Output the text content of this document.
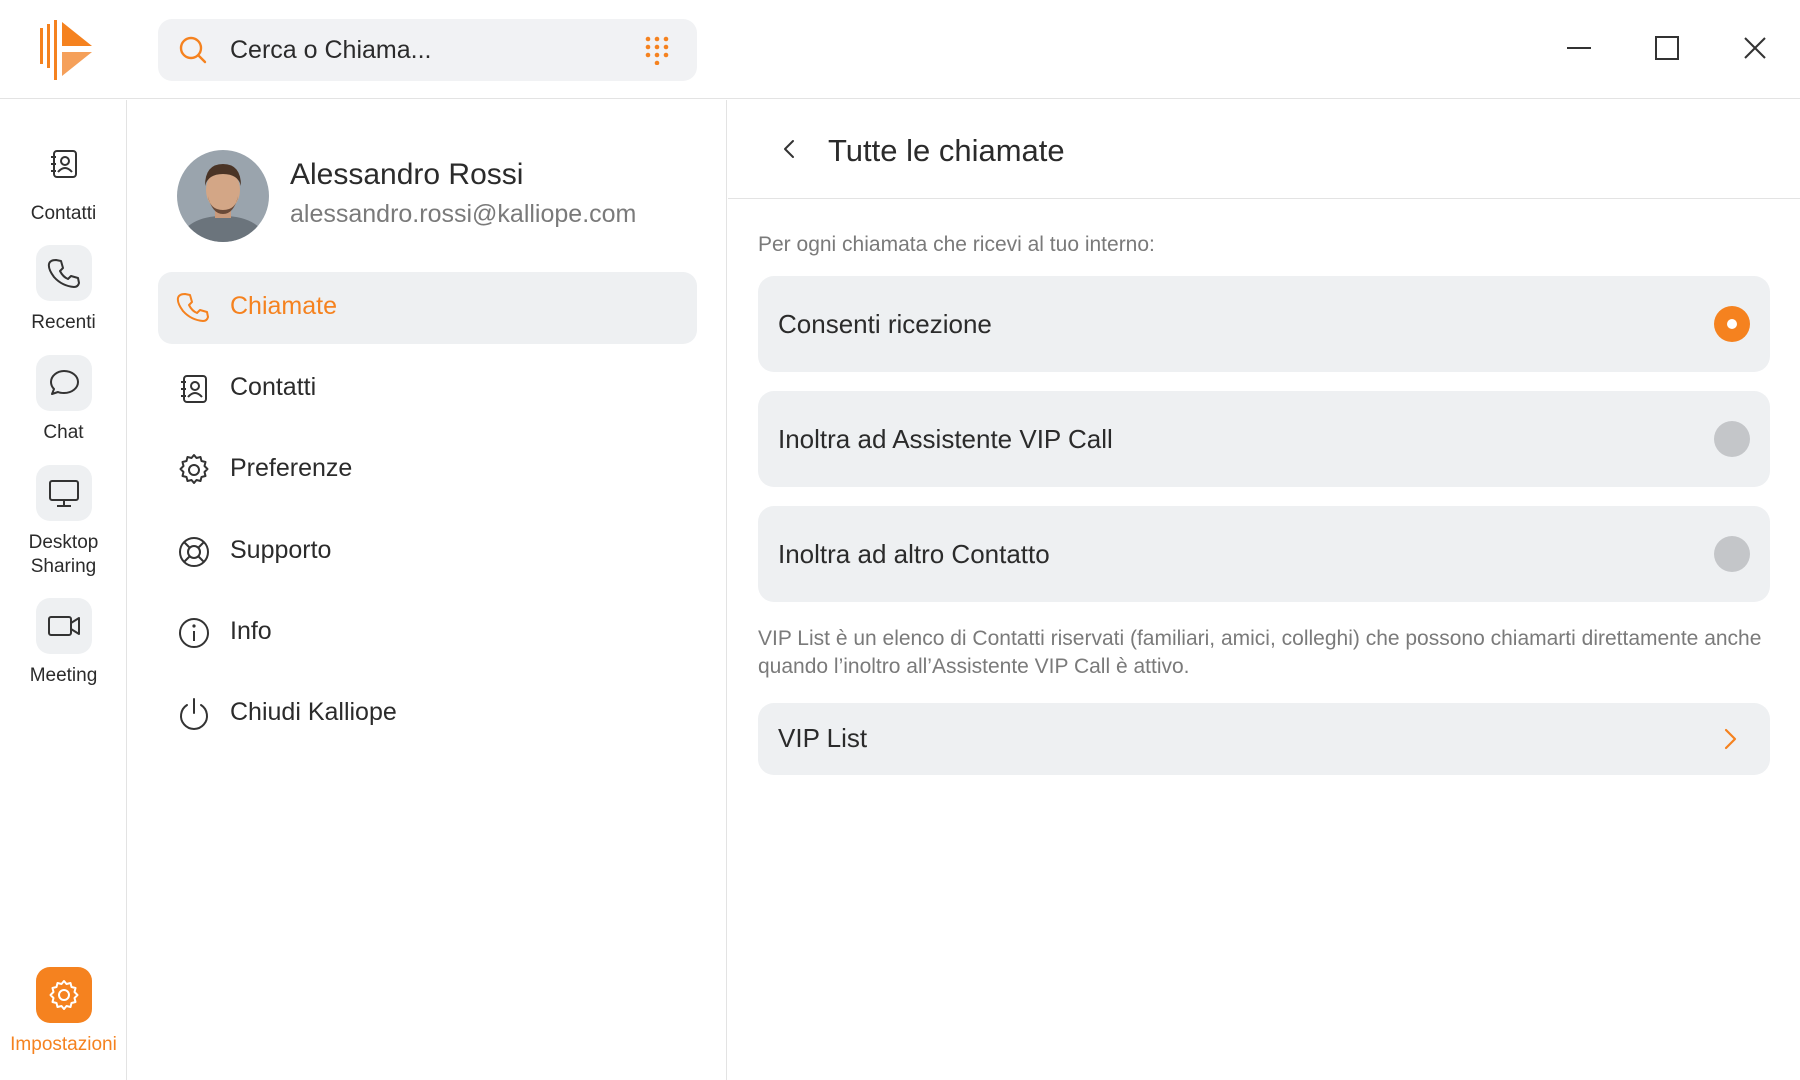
Cerca o Chiama...
Contatti
Recenti
Chat
Desktop
Sharing
Meeting
Impostazioni
Alessandro Rossi
alessandro.rossi@kalliope.com
Chiamate
Contatti
Preferenze
Supporto
Info
Chiudi Kalliope
Tutte le chiamate
Per ogni chiamata che ricevi al tuo interno:
Consenti ricezione
Inoltra ad Assistente VIP Call
Inoltra ad altro Contatto
VIP List è un elenco di Contatti riservati (familiari, amici, colleghi) che possono chiamarti direttamente anche quando l’inoltro all’Assistente VIP Call è attivo.
VIP List
